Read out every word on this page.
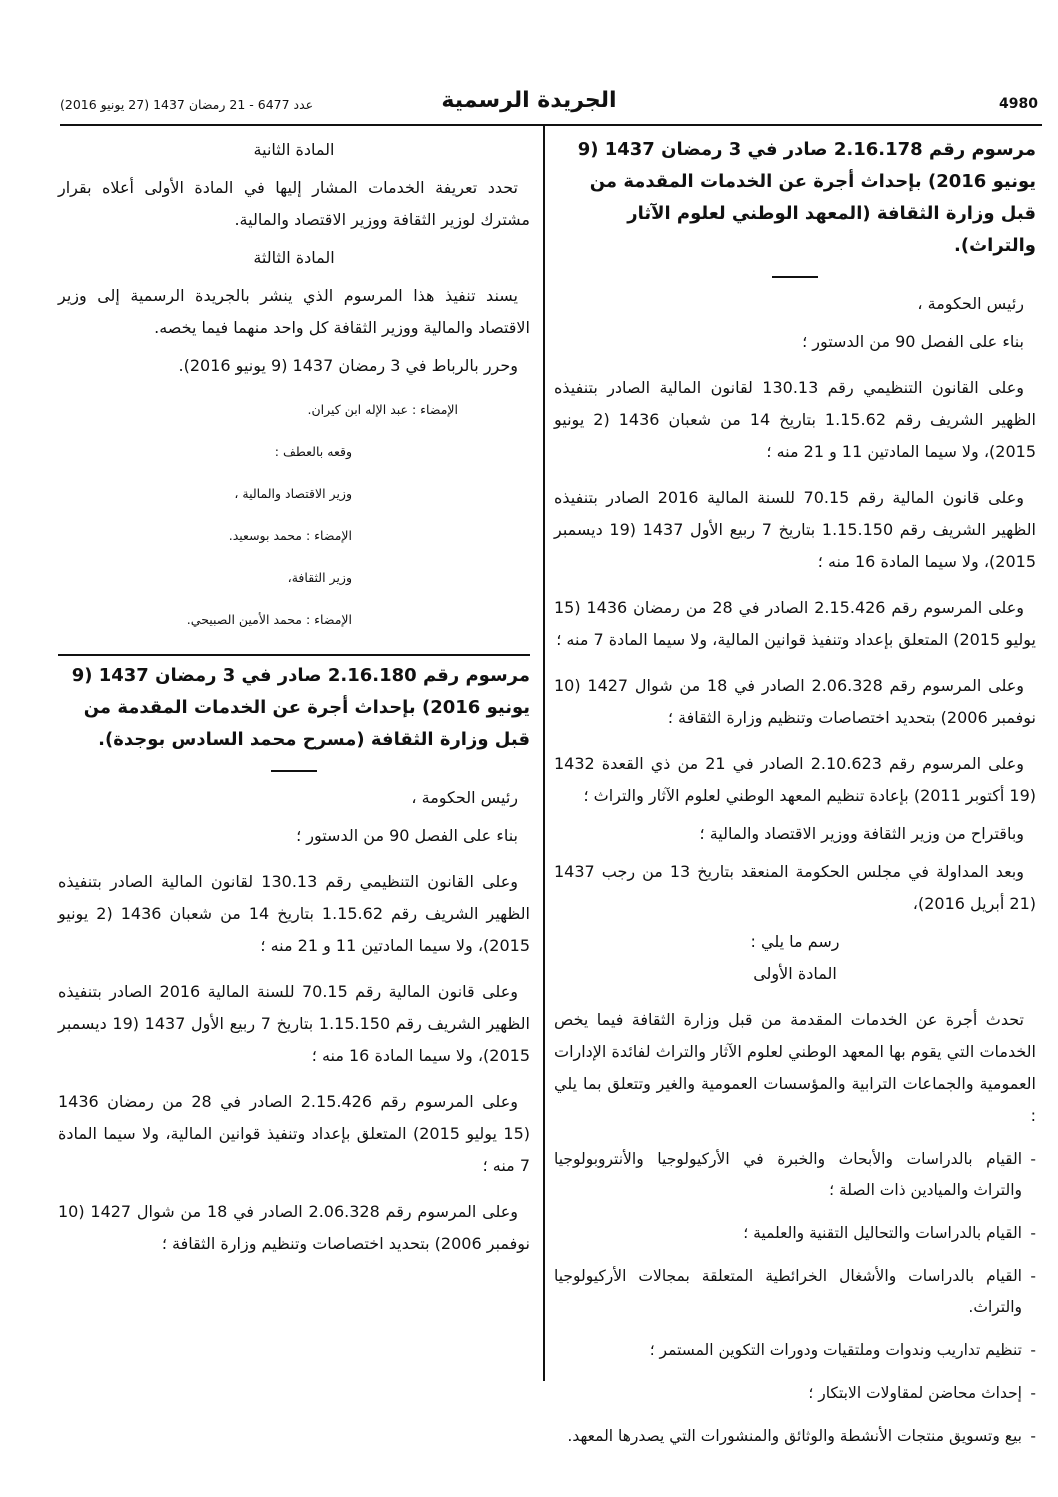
4980
الجريدة الرسمية
عدد 6477 - 21 رمضان 1437 (27 يونيو 2016)

مرسوم رقم 2.16.178 صادر في 3 رمضان 1437 (9 يونيو 2016) بإحداث أجرة عن الخدمات المقدمة من قبل وزارة الثقافة (المعهد الوطني لعلوم الآثار والتراث).

رئيس الحكومة ،

بناء على الفصل 90 من الدستور ؛

وعلى القانون التنظيمي رقم 130.13 لقانون المالية الصادر بتنفيذه الظهير الشريف رقم 1.15.62 بتاريخ 14 من شعبان 1436 (2 يونيو 2015)، ولا سيما المادتين 11 و 21 منه ؛

وعلى قانون المالية رقم 70.15 للسنة المالية 2016 الصادر بتنفيذه الظهير الشريف رقم 1.15.150 بتاريخ 7 ربيع الأول 1437 (19 ديسمبر 2015)، ولا سيما المادة 16 منه ؛

وعلى المرسوم رقم 2.15.426 الصادر في 28 من رمضان 1436 (15 يوليو 2015) المتعلق بإعداد وتنفيذ قوانين المالية، ولا سيما المادة 7 منه ؛

وعلى المرسوم رقم 2.06.328 الصادر في 18 من شوال 1427 (10 نوفمبر 2006) بتحديد اختصاصات وتنظيم وزارة الثقافة ؛

وعلى المرسوم رقم 2.10.623 الصادر في 21 من ذي القعدة 1432 (19 أكتوبر 2011) بإعادة تنظيم المعهد الوطني لعلوم الآثار والتراث ؛

وباقتراح من وزير الثقافة ووزير الاقتصاد والمالية ؛

وبعد المداولة في مجلس الحكومة المنعقد بتاريخ 13 من رجب 1437 (21 أبريل 2016)،

رسم ما يلي :

المادة الأولى

تحدث أجرة عن الخدمات المقدمة من قبل وزارة الثقافة فيما يخص الخدمات التي يقوم بها المعهد الوطني لعلوم الآثار والتراث لفائدة الإدارات العمومية والجماعات الترابية والمؤسسات العمومية والغير وتتعلق بما يلي :

-
القيام بالدراسات والأبحاث والخبرة في الأركيولوجيا والأنتروبولوجيا والتراث والميادين ذات الصلة ؛

-
القيام بالدراسات والتحاليل التقنية والعلمية ؛

-
القيام بالدراسات والأشغال الخرائطية المتعلقة بمجالات الأركيولوجيا والتراث.

-
تنظيم تداريب وندوات وملتقيات ودورات التكوين المستمر ؛

-
إحداث محاضن لمقاولات الابتكار ؛

-
بيع وتسويق منتجات الأنشطة والوثائق والمنشورات التي يصدرها المعهد.

المادة الثانية

تحدد تعريفة الخدمات المشار إليها في المادة الأولى أعلاه بقرار مشترك لوزير الثقافة ووزير الاقتصاد والمالية.

المادة الثالثة

يسند تنفيذ هذا المرسوم الذي ينشر بالجريدة الرسمية إلى وزير الاقتصاد والمالية ووزير الثقافة كل واحد منهما فيما يخصه.

وحرر بالرباط في 3 رمضان 1437 (9 يونيو 2016).

الإمضاء : عبد الإله ابن كيران.

وقعه بالعطف :

وزير الاقتصاد والمالية ،

الإمضاء : محمد بوسعيد.

وزير الثقافة،

الإمضاء : محمد الأمين الصبيحي.

مرسوم رقم 2.16.180 صادر في 3 رمضان 1437 (9 يونيو 2016) بإحداث أجرة عن الخدمات المقدمة من قبل وزارة الثقافة (مسرح محمد السادس بوجدة).

رئيس الحكومة ،

بناء على الفصل 90 من الدستور ؛

وعلى القانون التنظيمي رقم 130.13 لقانون المالية الصادر بتنفيذه الظهير الشريف رقم 1.15.62 بتاريخ 14 من شعبان 1436 (2 يونيو 2015)، ولا سيما المادتين 11 و 21 منه ؛

وعلى قانون المالية رقم 70.15 للسنة المالية 2016 الصادر بتنفيذه الظهير الشريف رقم 1.15.150 بتاريخ 7 ربيع الأول 1437 (19 ديسمبر 2015)، ولا سيما المادة 16 منه ؛

وعلى المرسوم رقم 2.15.426 الصادر في 28 من رمضان 1436 (15 يوليو 2015) المتعلق بإعداد وتنفيذ قوانين المالية، ولا سيما المادة 7 منه ؛

وعلى المرسوم رقم 2.06.328 الصادر في 18 من شوال 1427 (10 نوفمبر 2006) بتحديد اختصاصات وتنظيم وزارة الثقافة ؛
